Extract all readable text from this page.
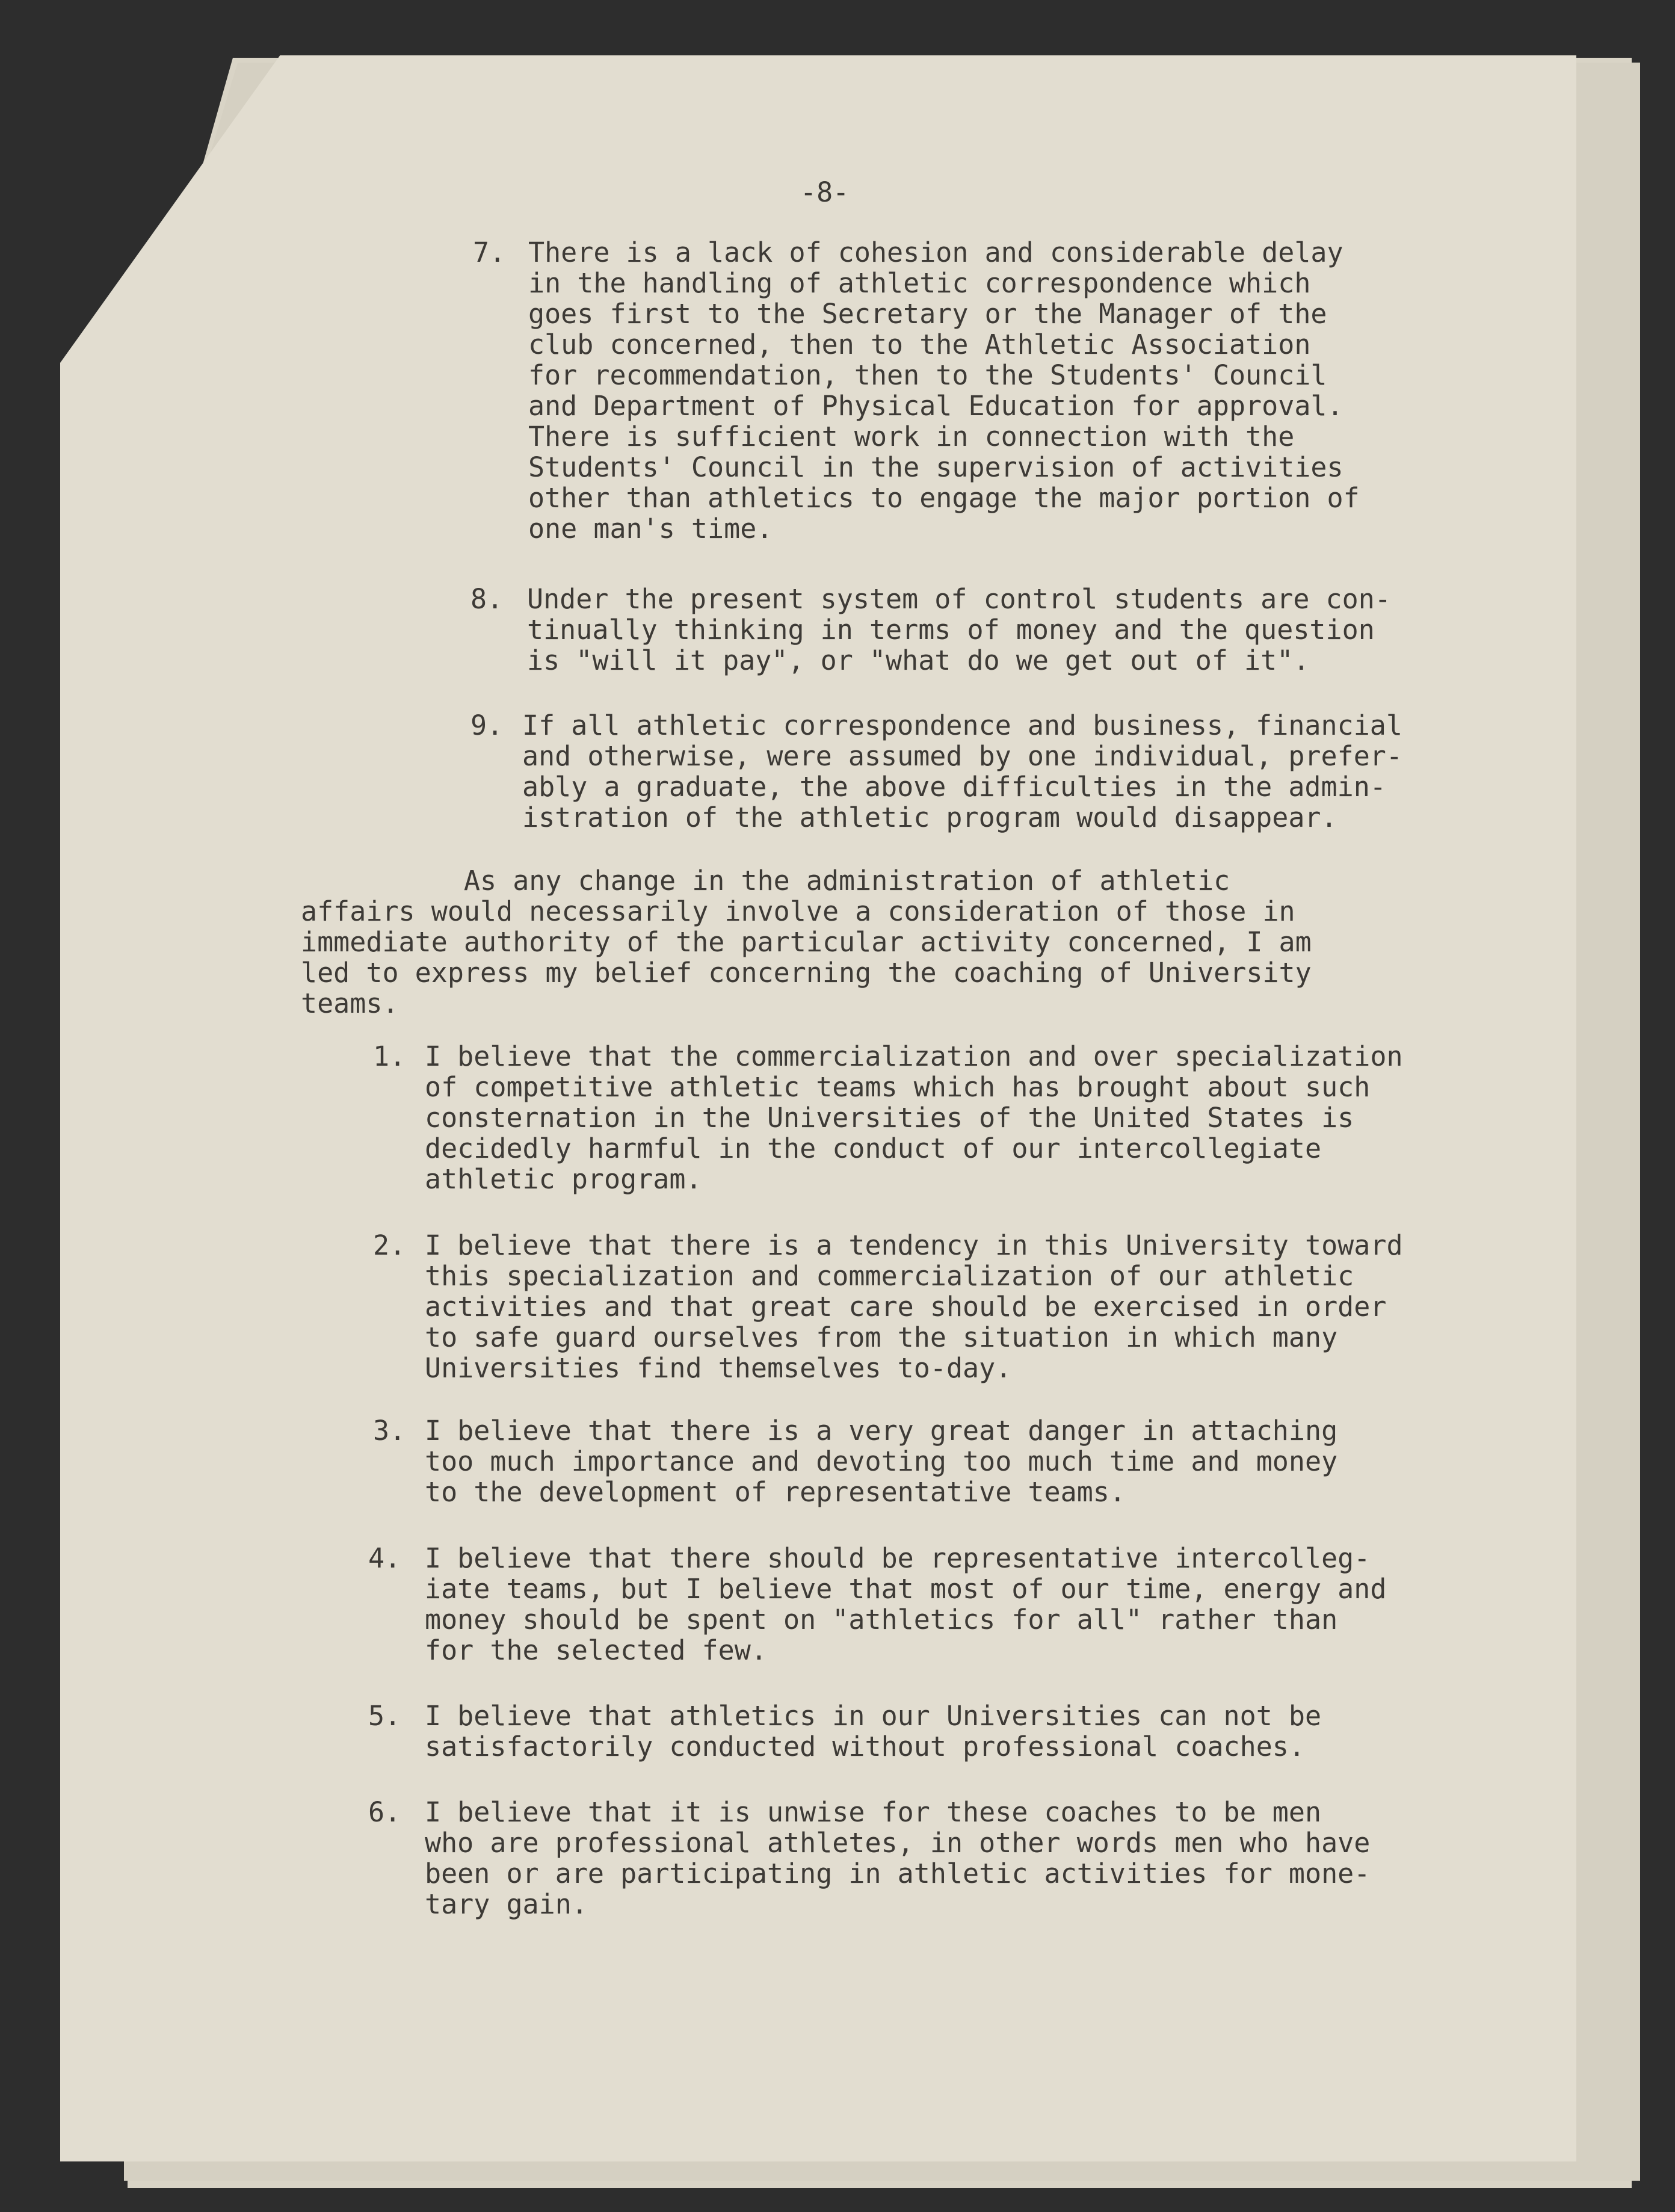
-8-
7. There is a lack of cohesion and considerable delay
in the handling of athletic correspondence which
goes first to the Secretary or the Manager of the
club concerned, then to the Athletic Association
for recommendation, then to the Students' Council
and Department of Physical Education for approval.
There is sufficient work in connection with the
Students' Council in the supervision of activities
other than athletics to engage the major portion of
one man's time.

8. Under the present system of control students are con-
tinually thinking in terms of money and the question
is "will it pay", or "what do we get out of it".

9. If all athletic correspondence and business, financial
and otherwise, were assumed by one individual, prefer-
ably a graduate, the above difficulties in the admin-
istration of the athletic program would disappear.

As any change in the administration of athletic
affairs would necessarily involve a consideration of those in
immediate authority of the particular activity concerned, I am
led to express my belief concerning the coaching of University
teams.

1. I believe that the commercialization and over specialization
of competitive athletic teams which has brought about such
consternation in the Universities of the United States is
decidedly harmful in the conduct of our intercollegiate
athletic program.

2. I believe that there is a tendency in this University toward
this specialization and commercialization of our athletic
activities and that great care should be exercised in order
to safe guard ourselves from the situation in which many
Universities find themselves to-day.

3. I believe that there is a very great danger in attaching
too much importance and devoting too much time and money
to the development of representative teams.

4. I believe that there should be representative intercolleg-
iate teams, but I believe that most of our time, energy and
money should be spent on "athletics for all" rather than
for the selected few.

5. I believe that athletics in our Universities can not be
satisfactorily conducted without professional coaches.

6. I believe that it is unwise for these coaches to be men
who are professional athletes, in other words men who have
been or are participating in athletic activities for mone-
tary gain.
